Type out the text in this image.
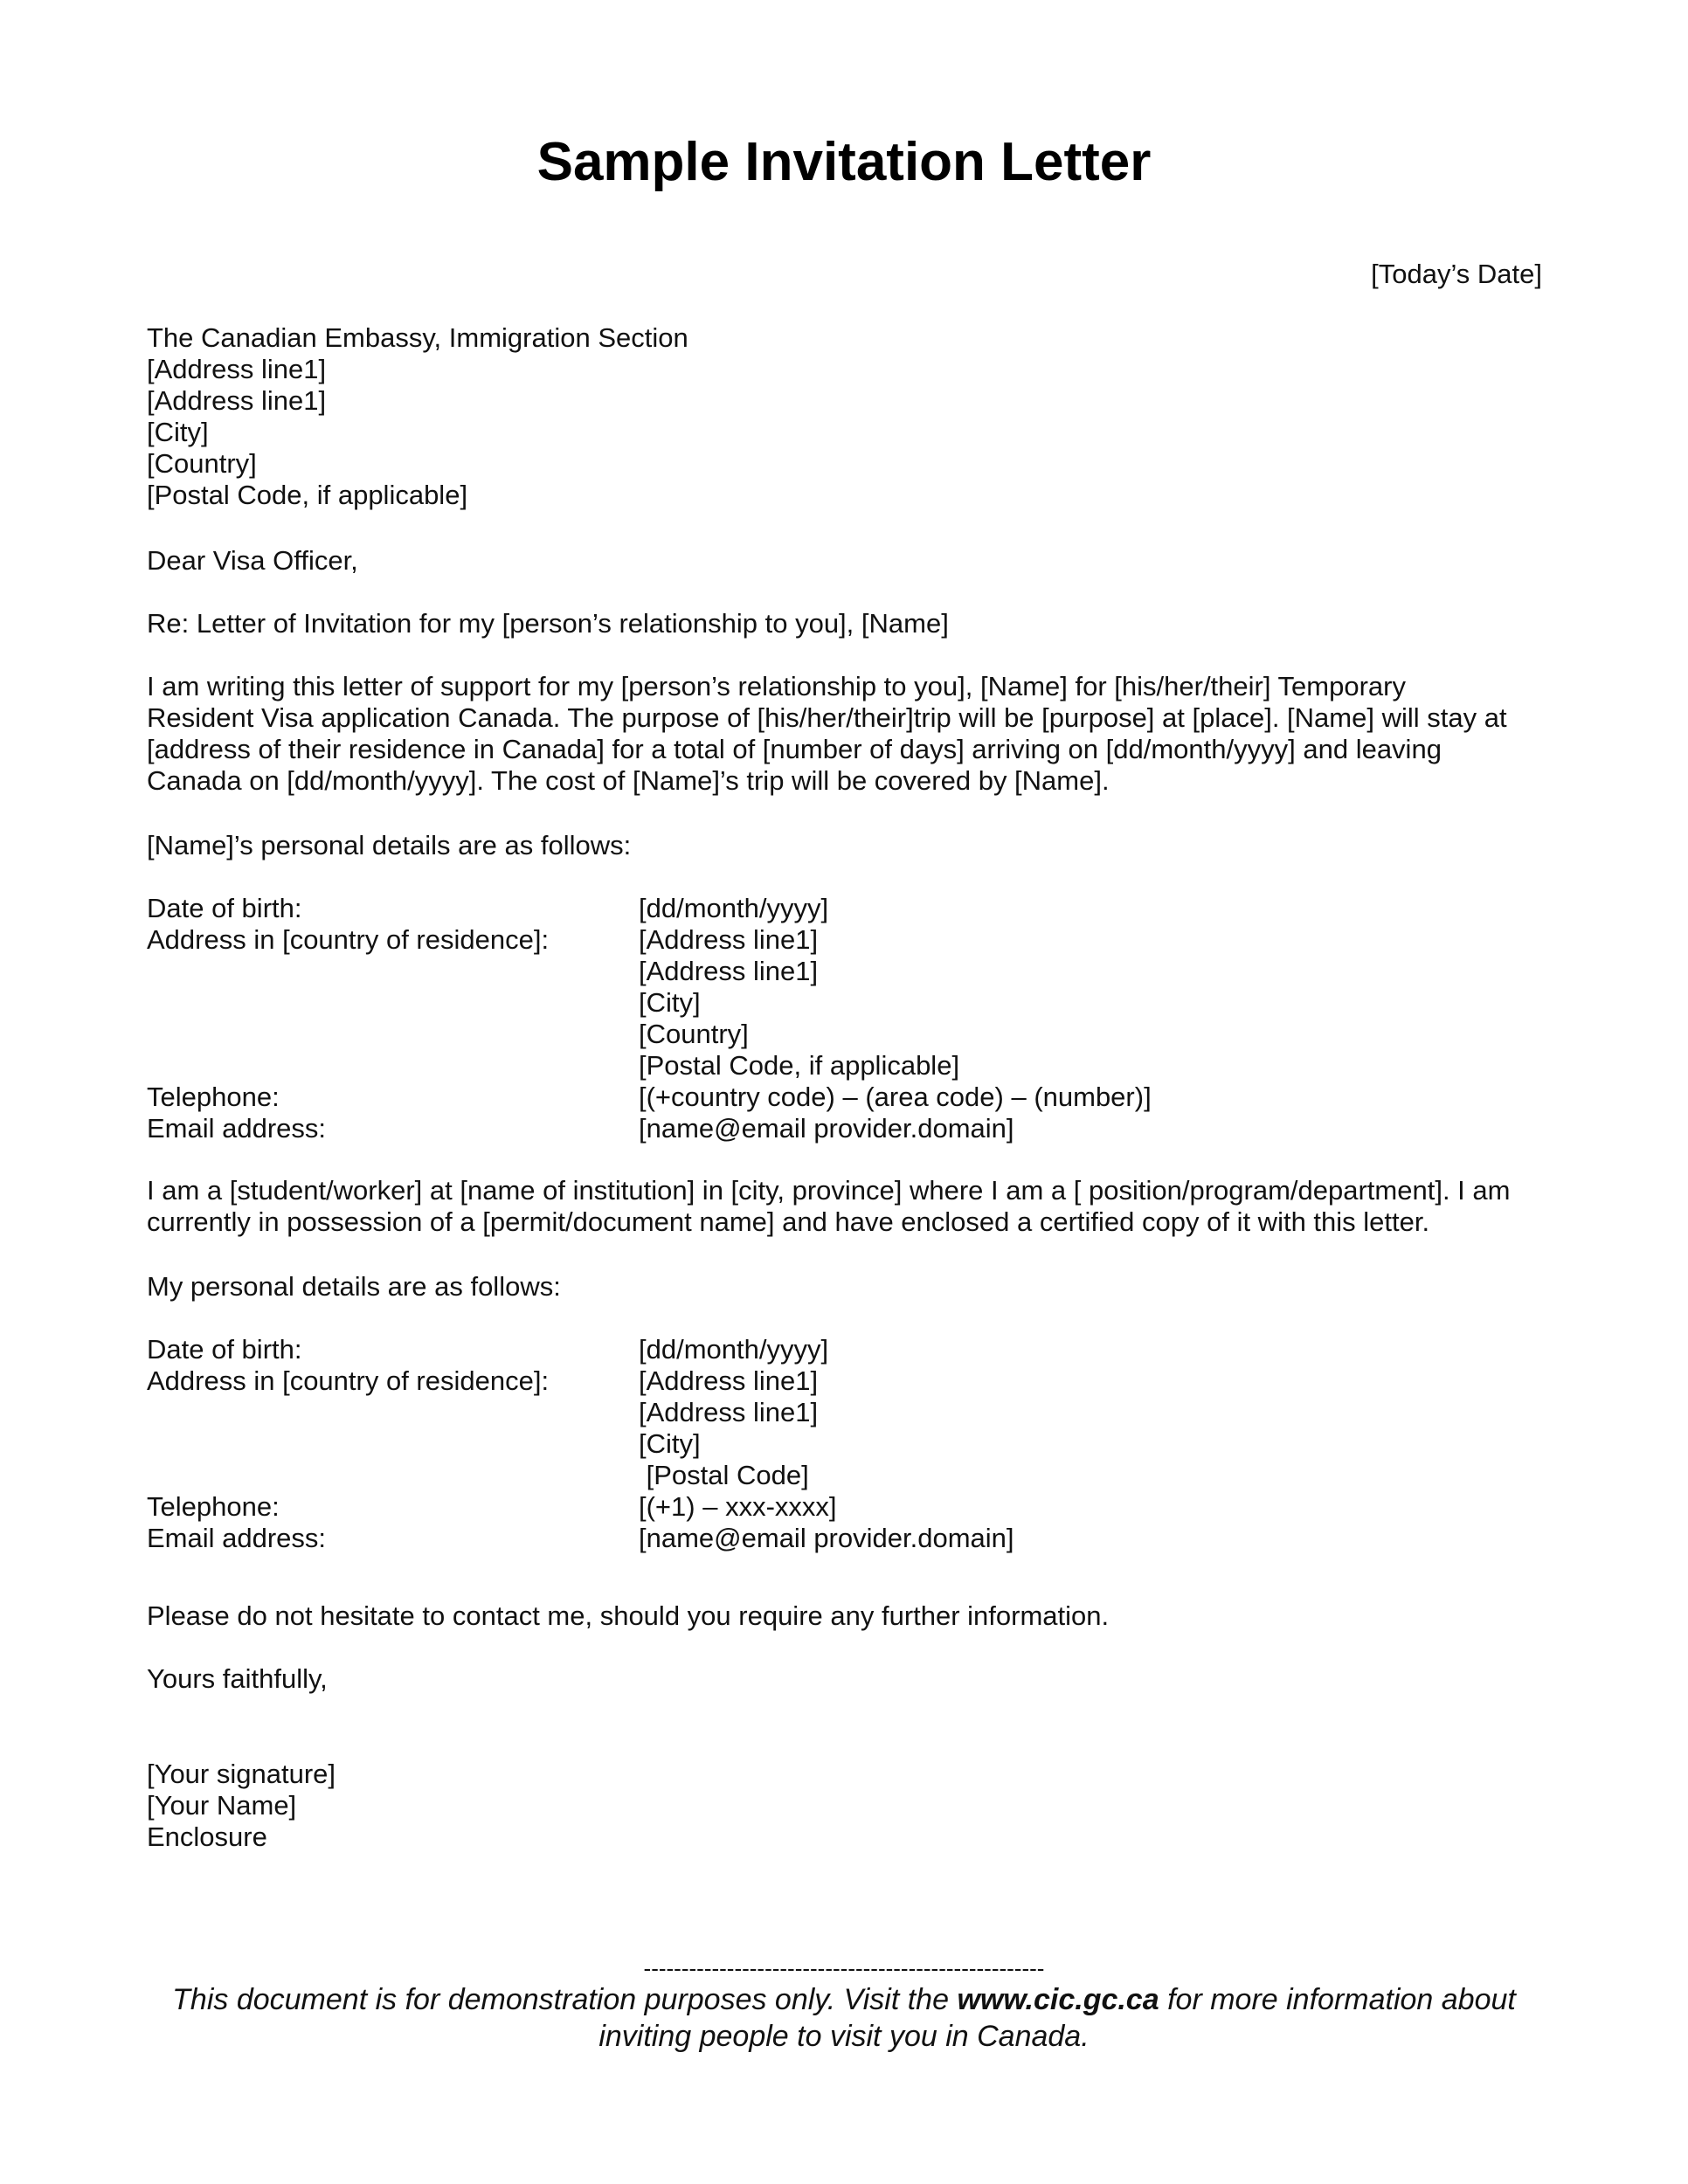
Sample Invitation Letter
[Today’s Date]
The Canadian Embassy, Immigration Section
[Address line1]
[Address line1]
[City]
[Country]
[Postal Code, if applicable]
Dear Visa Officer,
Re: Letter of Invitation for my [person’s relationship to you], [Name]
I am writing this letter of support for my [person’s relationship to you], [Name] for [his/her/their] Temporary
Resident Visa application Canada. The purpose of [his/her/their]trip will be [purpose] at [place]. [Name] will stay at
[address of their residence in Canada] for a total of [number of days] arriving on [dd/month/yyyy] and leaving
Canada on [dd/month/yyyy]. The cost of [Name]’s trip will be covered by [Name].
[Name]’s personal details are as follows:
Date of birth:	[dd/month/yyyy]
Address in [country of residence]:	[Address line1]
[Address line1]
[City]
[Country]
[Postal Code, if applicable]
Telephone:	[(+country code) – (area code) – (number)]
Email address:	[name@email provider.domain]
I am a [student/worker] at [name of institution] in [city, province] where I am a [ position/program/department]. I am
currently in possession of a [permit/document name] and have enclosed a certified copy of it with this letter.
My personal details are as follows:
Date of birth:	[dd/month/yyyy]
Address in [country of residence]:	[Address line1]
[Address line1]
[City]
[Postal Code]
Telephone:	[(+1) – xxx-xxxx]
Email address:	[name@email provider.domain]
Please do not hesitate to contact me, should you require any further information.
Yours faithfully,
[Your signature]
[Your Name]
Enclosure
-----------------------------------------------------
This document is for demonstration purposes only. Visit the www.cic.gc.ca for more information about
inviting people to visit you in Canada.
